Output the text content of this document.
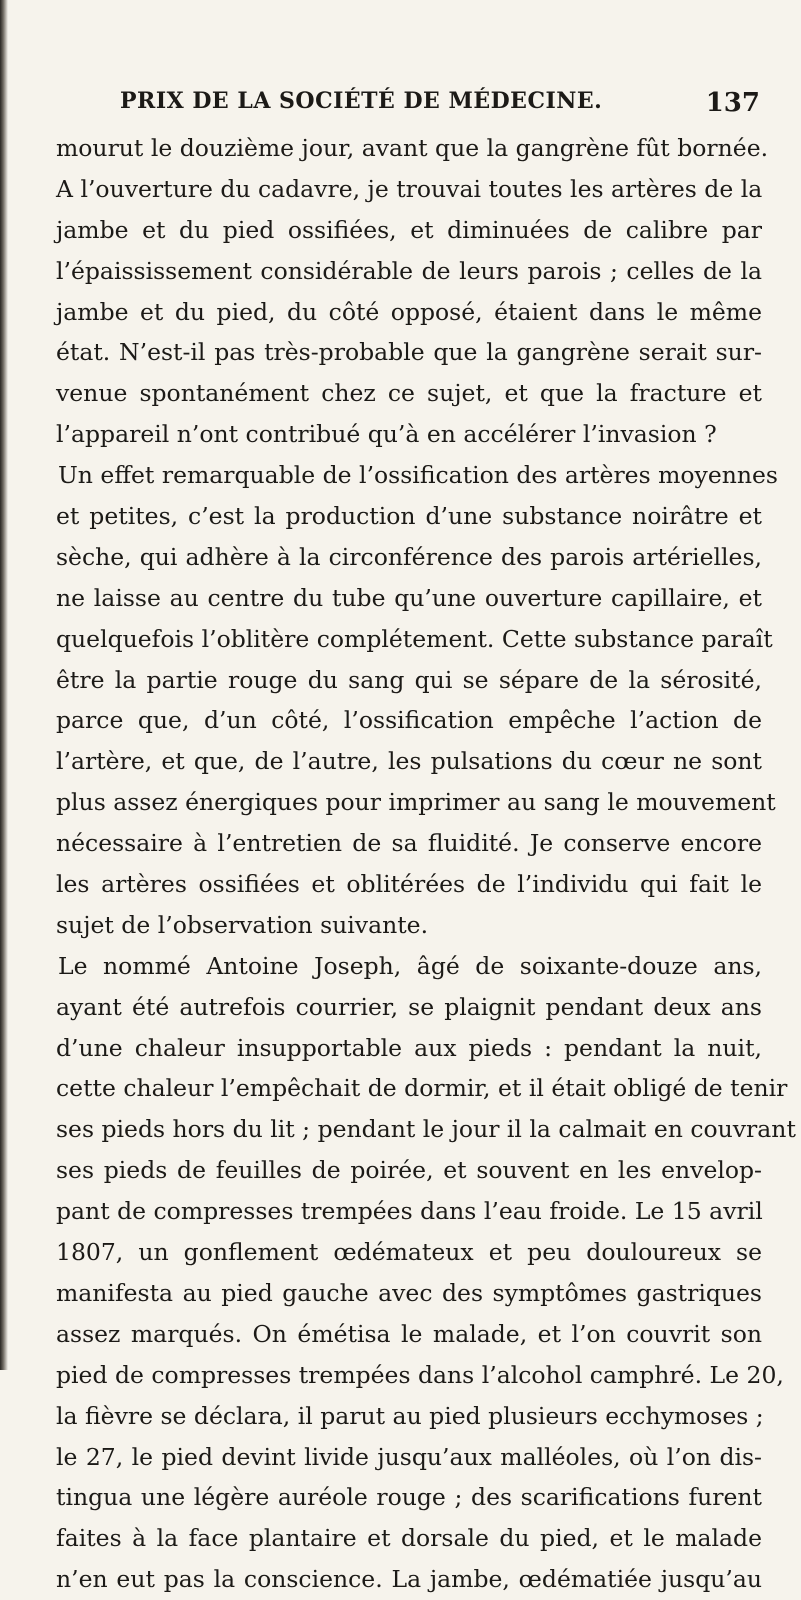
PRIX DE LA SOCIÉTÉ DE MÉDECINE.	137
mourut le douzième jour, avant que la gangrène fût bornée.
A l’ouverture du cadavre, je trouvai toutes les artères de la
jambe et du pied ossifiées, et diminuées de calibre par
l’épaississement considérable de leurs parois ; celles de la
jambe et du pied, du côté opposé, étaient dans le même
état. N’est-il pas très-probable que la gangrène serait sur-
venue spontanément chez ce sujet, et que la fracture et
l’appareil n’ont contribué qu’à en accélérer l’invasion ?
Un effet remarquable de l’ossification des artères moyennes
et petites, c’est la production d’une substance noirâtre et
sèche, qui adhère à la circonférence des parois artérielles,
ne laisse au centre du tube qu’une ouverture capillaire, et
quelquefois l’oblitère complétement. Cette substance paraît
être la partie rouge du sang qui se sépare de la sérosité,
parce que, d’un côté, l’ossification empêche l’action de
l’artère, et que, de l’autre, les pulsations du cœur ne sont
plus assez énergiques pour imprimer au sang le mouvement
nécessaire à l’entretien de sa fluidité. Je conserve encore
les artères ossifiées et oblitérées de l’individu qui fait le
sujet de l’observation suivante.
Le nommé Antoine Joseph, âgé de soixante-douze ans,
ayant été autrefois courrier, se plaignit pendant deux ans
d’une chaleur insupportable aux pieds : pendant la nuit,
cette chaleur l’empêchait de dormir, et il était obligé de tenir
ses pieds hors du lit ; pendant le jour il la calmait en couvrant
ses pieds de feuilles de poirée, et souvent en les envelop-
pant de compresses trempées dans l’eau froide. Le 15 avril
1807, un gonflement œdémateux et peu douloureux se
manifesta au pied gauche avec des symptômes gastriques
assez marqués. On émétisa le malade, et l’on couvrit son
pied de compresses trempées dans l’alcohol camphré. Le 20,
la fièvre se déclara, il parut au pied plusieurs ecchymoses ;
le 27, le pied devint livide jusqu’aux malléoles, où l’on dis-
tingua une légère auréole rouge ; des scarifications furent
faites à la face plantaire et dorsale du pied, et le malade
n’en eut pas la conscience. La jambe, œdématiée jusqu’au
